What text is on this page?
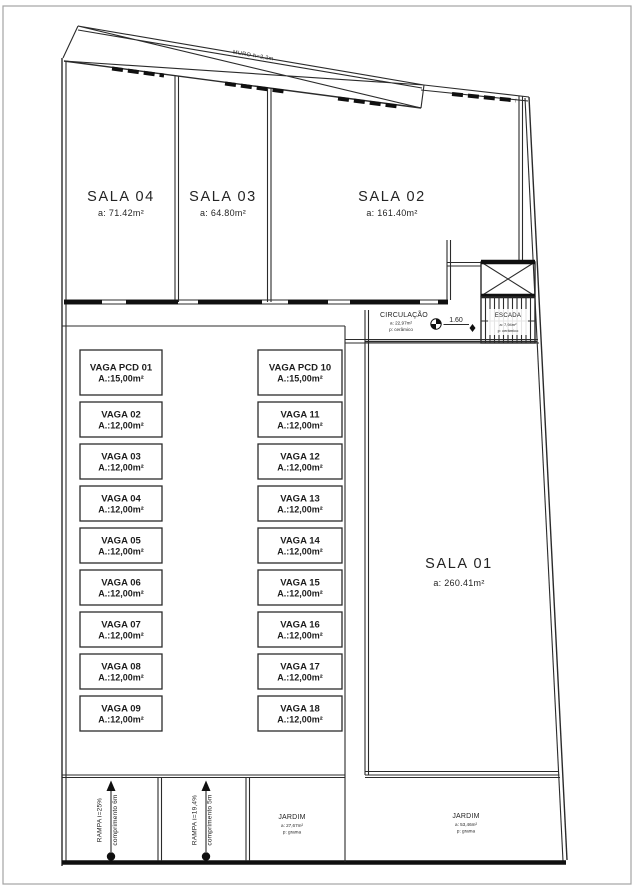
MURO h=2,2m
ESCADA
a: 7,94m²
p: cerâmico
SALA 04
a: 71.42m²
SALA 03
a: 64.80m²
SALA 02
a: 161.40m²
SALA 01
a: 260.41m²
CIRCULAÇÃO
a: 22,97m²
p: cerâmico
1.60
VAGA PCD 01
A.:15,00m²
VAGA 02
A.:12,00m²
VAGA 03
A.:12,00m²
VAGA 04
A.:12,00m²
VAGA 05
A.:12,00m²
VAGA 06
A.:12,00m²
VAGA 07
A.:12,00m²
VAGA 08
A.:12,00m²
VAGA 09
A.:12,00m²
VAGA PCD 10
A.:15,00m²
VAGA 11
A.:12,00m²
VAGA 12
A.:12,00m²
VAGA 13
A.:12,00m²
VAGA 14
A.:12,00m²
VAGA 15
A.:12,00m²
VAGA 16
A.:12,00m²
VAGA 17
A.:12,00m²
VAGA 18
A.:12,00m²
RAMPA i=25% comprimento 6m	RAMPA i=19,4% comprimento 5m	JARDIM
a: 27,67m²
p: grama
JARDIM
a: 53,46m²
p: grama
